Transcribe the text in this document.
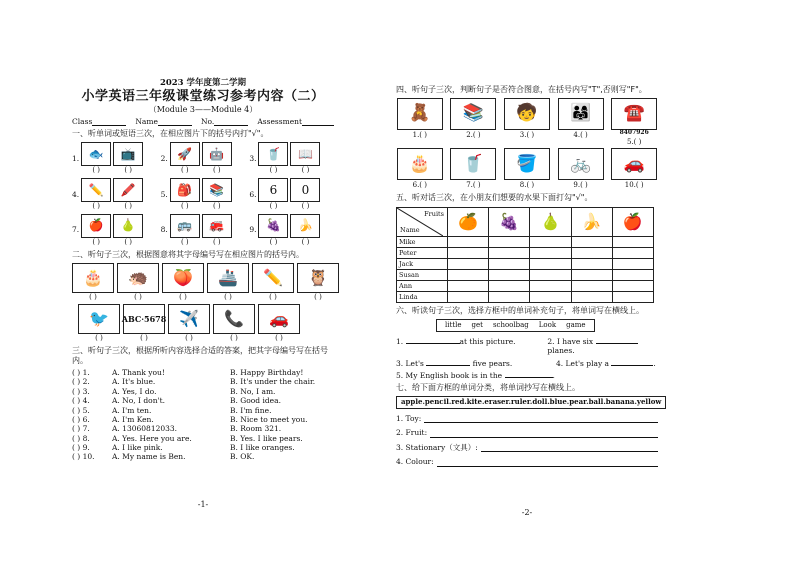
2023 学年度第二学期
小学英语三年级课堂练习参考内容（二）
（Module 3——Module 4）
Class	Name	No.	Assessment
一、听单词或短语三次，在相应图片下的括号内打"√"。
1. 🐟	📺
( )	( )
2. 🚀	🤖
( )	( )
3. 🥤	📖
( )	( )
4. ✏️	🖍️
( )	( )
5. 🎒	📚
( )	( )
6.	6	0
( )	( )
7. 🍎	🍐
( )	( )
8. 🚌	🚒
( )	( )
9. 🍇	🍌
( )	( )
二、听句子三次，根据图意将其字母编号写在相应图片的括号内。
🎂
( )
🦔
( )
🍑
( )
🚢
( )
✏️
( )
🦉
( )
🐦
( )
ABC·5678
( )
✈️
( )
📞
( )
🚗
( )
三、听句子三次，根据所听内容选择合适的答案，把其字母编号写在括号内。
( ) 1.	A. Thank you!	B. Happy Birthday!
( ) 2.	A. It's blue.	B. It's under the chair.
( ) 3.	A. Yes, I do.	B. No, I am.
( ) 4.	A. No, I don't.	B. Good idea.
( ) 5.	A. I'm ten.	B. I'm fine.
( ) 6.	A. I'm Ken.	B. Nice to meet you.
( ) 7.	A. 13060812033.	B. Room 321.
( ) 8.	A. Yes. Here you are.	B. Yes. I like pears.
( ) 9.	A. I like pink.	B. I like oranges.
( ) 10.	A. My name is Ben.	B. OK.
-1-
四、听句子三次，判断句子是否符合图意，在括号内写"T",否则写"F"。
🧸
1.( )
📚
2.( )
🧒
3.( )
👨‍👩‍👧
4.( )
☎️
8407926
5.( )
🎂
6.( )
🥤
7.( )
🪣
8.( )
🚲
9.( )
🚗
10.( )
五、听对话三次，在小朋友们想要的水果下面打勾"√"。
Fruits
Name	🍊	🍇	🍐	🍌	🍎
Mike					
Peter					
Jack					
Susan					
Ann					
Linda					
六、听读句子三次，选择方框中的单词补充句子，将单词写在横线上。
little get schoolbag Look game
1.	at this picture.	2. I have six planes.
3. Let's	five pears.	4. Let's play a	.
5. My English book is in the	.
七、给下面方框的单词分类，将单词抄写在横线上。
apple.pencil.red.kite.eraser.ruler.doll.blue.pear.ball.banana.yellow
1. Toy:
2. Fruit:
3. Stationary（文具）:
4. Colour:
-2-
